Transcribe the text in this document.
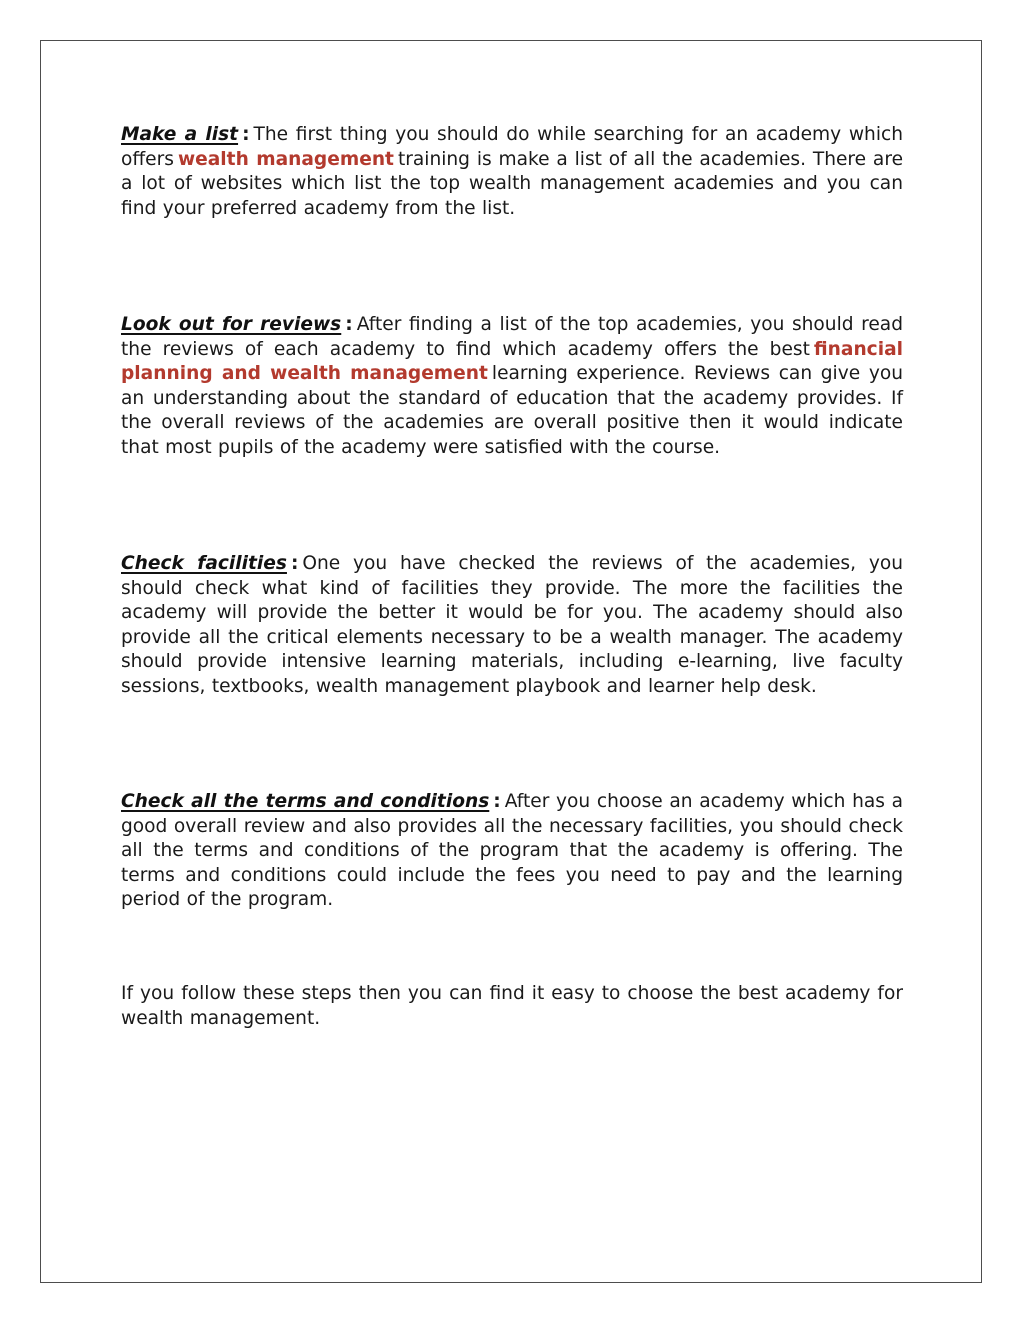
Make a list : The first thing you should do while searching for an academy which offers wealth management training is make a list of all the academies. There are a lot of websites which list the top wealth management academies and you can find your preferred academy from the list.

Look out for reviews : After finding a list of the top academies, you should read the reviews of each academy to find which academy offers the best financial planning and wealth management learning experience. Reviews can give you an understanding about the standard of education that the academy provides. If the overall reviews of the academies are overall positive then it would indicate that most pupils of the academy were satisfied with the course.

Check facilities : One you have checked the reviews of the academies, you should check what kind of facilities they provide. The more the facilities the academy will provide the better it would be for you. The academy should also provide all the critical elements necessary to be a wealth manager. The academy should provide intensive learning materials, including e-learning, live faculty sessions, textbooks, wealth management playbook and learner help desk.

Check all the terms and conditions : After you choose an academy which has a good overall review and also provides all the necessary facilities, you should check all the terms and conditions of the program that the academy is offering. The terms and conditions could include the fees you need to pay and the learning period of the program.

If you follow these steps then you can find it easy to choose the best academy for wealth management.
